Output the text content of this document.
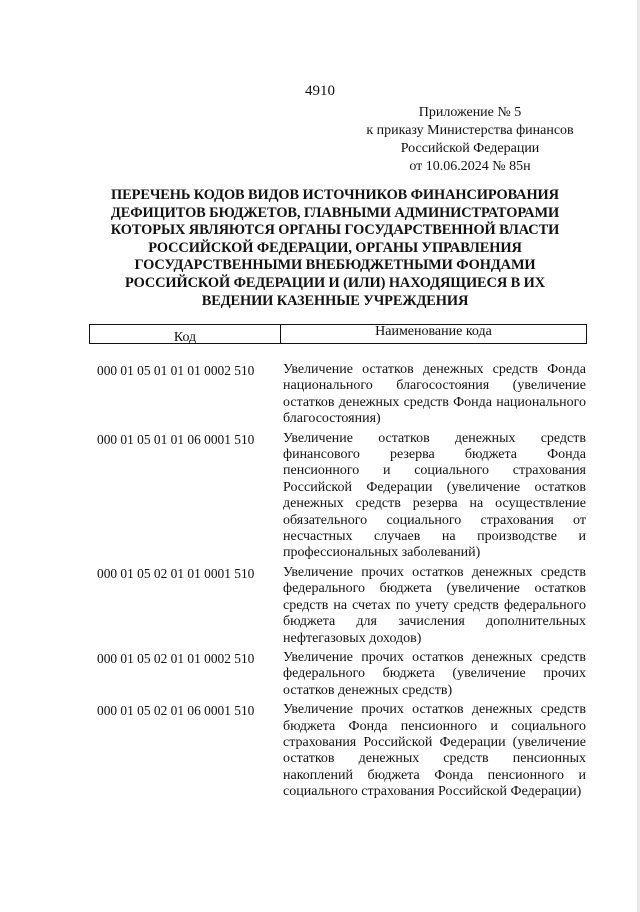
4910
Приложение № 5
к приказу Министерства финансов
Российской Федерации
от 10.06.2024 № 85н
ПЕРЕЧЕНЬ КОДОВ ВИДОВ ИСТОЧНИКОВ ФИНАНСИРОВАНИЯ ДЕФИЦИТОВ БЮДЖЕТОВ, ГЛАВНЫМИ АДМИНИСТРАТОРАМИ КОТОРЫХ ЯВЛЯЮТСЯ ОРГАНЫ ГОСУДАРСТВЕННОЙ ВЛАСТИ РОССИЙСКОЙ ФЕДЕРАЦИИ, ОРГАНЫ УПРАВЛЕНИЯ ГОСУДАРСТВЕННЫМИ ВНЕБЮДЖЕТНЫМИ ФОНДАМИ РОССИЙСКОЙ ФЕДЕРАЦИИ И (ИЛИ) НАХОДЯЩИЕСЯ В ИХ ВЕДЕНИИ КАЗЕННЫЕ УЧРЕЖДЕНИЯ
Код	Наименование кода
000 01 05 01 01 01 0002 510	Увеличение остатков денежных средств Фонда национального благосостояния (увеличение остатков денежных средств Фонда национального благосостояния)
000 01 05 01 01 06 0001 510	Увеличение остатков денежных средств финансового резерва бюджета Фонда пенсионного и социального страхования Российской Федерации (увеличение остатков денежных средств резерва на осуществление обязательного социального страхования от несчастных случаев на производстве и профессиональных заболеваний)
000 01 05 02 01 01 0001 510	Увеличение прочих остатков денежных средств федерального бюджета (увеличение остатков средств на счетах по учету средств федерального бюджета для зачисления дополнительных нефтегазовых доходов)
000 01 05 02 01 01 0002 510	Увеличение прочих остатков денежных средств федерального бюджета (увеличение прочих остатков денежных средств)
000 01 05 02 01 06 0001 510	Увеличение прочих остатков денежных средств бюджета Фонда пенсионного и социального страхования Российской Федерации (увеличение остатков денежных средств пенсионных накоплений бюджета Фонда пенсионного и социального страхования Российской Федерации)
